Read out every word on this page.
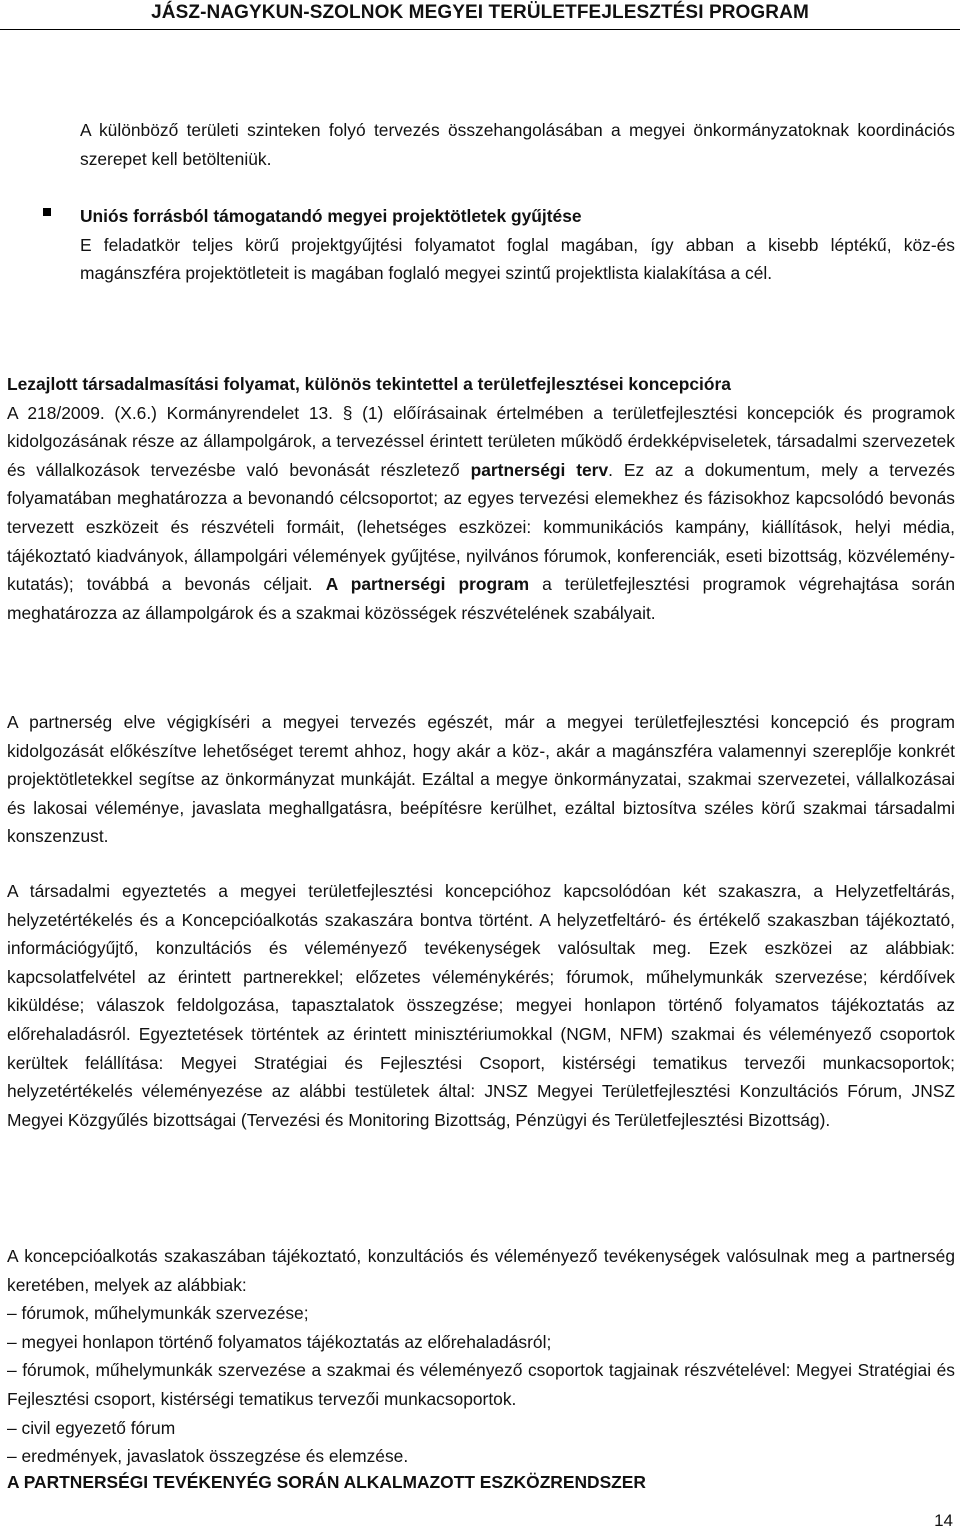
JÁSZ-NAGYKUN-SZOLNOK MEGYEI TERÜLETFEJLESZTÉSI PROGRAM

A különböző területi szinteken folyó tervezés összehangolásában a megyei önkormányzatoknak koordinációs szerepet kell betölteniük.

Uniós forrásból támogatandó megyei projektötletek gyűjtése
E feladatkör teljes körű projektgyűjtési folyamatot foglal magában, így abban a kisebb léptékű, köz-és magánszféra projektötleteit is magában foglaló megyei szintű projektlista kialakítása a cél.

Lezajlott társadalmasítási folyamat, különös tekintettel a területfejlesztései koncepcióra
A 218/2009. (X.6.) Kormányrendelet 13. § (1) előírásainak értelmében a területfejlesztési koncepciók és programok kidolgozásának része az állampolgárok, a tervezéssel érintett területen működő érdekképviseletek, társadalmi szervezetek és vállalkozások tervezésbe való bevonását részletező partnerségi terv. Ez az a dokumentum, mely a tervezés folyamatában meghatározza a bevonandó célcsoportot; az egyes tervezési elemekhez és fázisokhoz kapcsolódó bevonás tervezett eszközeit és részvételi formáit, (lehetséges eszközei: kommunikációs kampány, kiállítások, helyi média, tájékoztató kiadványok, állampolgári vélemények gyűjtése, nyilvános fórumok, konferenciák, eseti bizottság, közvélemény-kutatás); továbbá a bevonás céljait. A partnerségi program a területfejlesztési programok végrehajtása során meghatározza az állampolgárok és a szakmai közösségek részvételének szabályait.

A partnerség elve végigkíséri a megyei tervezés egészét, már a megyei területfejlesztési koncepció és program kidolgozását előkészítve lehetőséget teremt ahhoz, hogy akár a köz-, akár a magánszféra valamennyi szereplője konkrét projektötletekkel segítse az önkormányzat munkáját. Ezáltal a megye önkormányzatai, szakmai szervezetei, vállalkozásai és lakosai véleménye, javaslata meghallgatásra, beépítésre kerülhet, ezáltal biztosítva széles körű szakmai társadalmi konszenzust.

A társadalmi egyeztetés a megyei területfejlesztési koncepcióhoz kapcsolódóan két szakaszra, a Helyzetfeltárás, helyzetértékelés és a Koncepcióalkotás szakaszára bontva történt. A helyzetfeltáró- és értékelő szakaszban tájékoztató, információgyűjtő, konzultációs és véleményező tevékenységek valósultak meg. Ezek eszközei az alábbiak: kapcsolatfelvétel az érintett partnerekkel; előzetes véleménykérés; fórumok, műhelymunkák szervezése; kérdőívek kiküldése; válaszok feldolgozása, tapasztalatok összegzése; megyei honlapon történő folyamatos tájékoztatás az előrehaladásról. Egyeztetések történtek az érintett minisztériumokkal (NGM, NFM) szakmai és véleményező csoportok kerültek felállítása: Megyei Stratégiai és Fejlesztési Csoport, kistérségi tematikus tervezői munkacsoportok; helyzetértékelés véleményezése az alábbi testületek által: JNSZ Megyei Területfejlesztési Konzultációs Fórum, JNSZ Megyei Közgyűlés bizottságai (Tervezési és Monitoring Bizottság, Pénzügyi és Területfejlesztési Bizottság).

A koncepcióalkotás szakaszában tájékoztató, konzultációs és véleményező tevékenységek valósulnak meg a partnerség keretében, melyek az alábbiak:
– fórumok, műhelymunkák szervezése;
– megyei honlapon történő folyamatos tájékoztatás az előrehaladásról;
– fórumok, műhelymunkák szervezése a szakmai és véleményező csoportok tagjainak részvételével: Megyei Stratégiai és Fejlesztési csoport, kistérségi tematikus tervezői munkacsoportok.
– civil egyezető fórum
– eredmények, javaslatok összegzése és elemzése.

A PARTNERSÉGI TEVÉKENYÉG SORÁN ALKALMAZOTT ESZKÖZRENDSZER

14
